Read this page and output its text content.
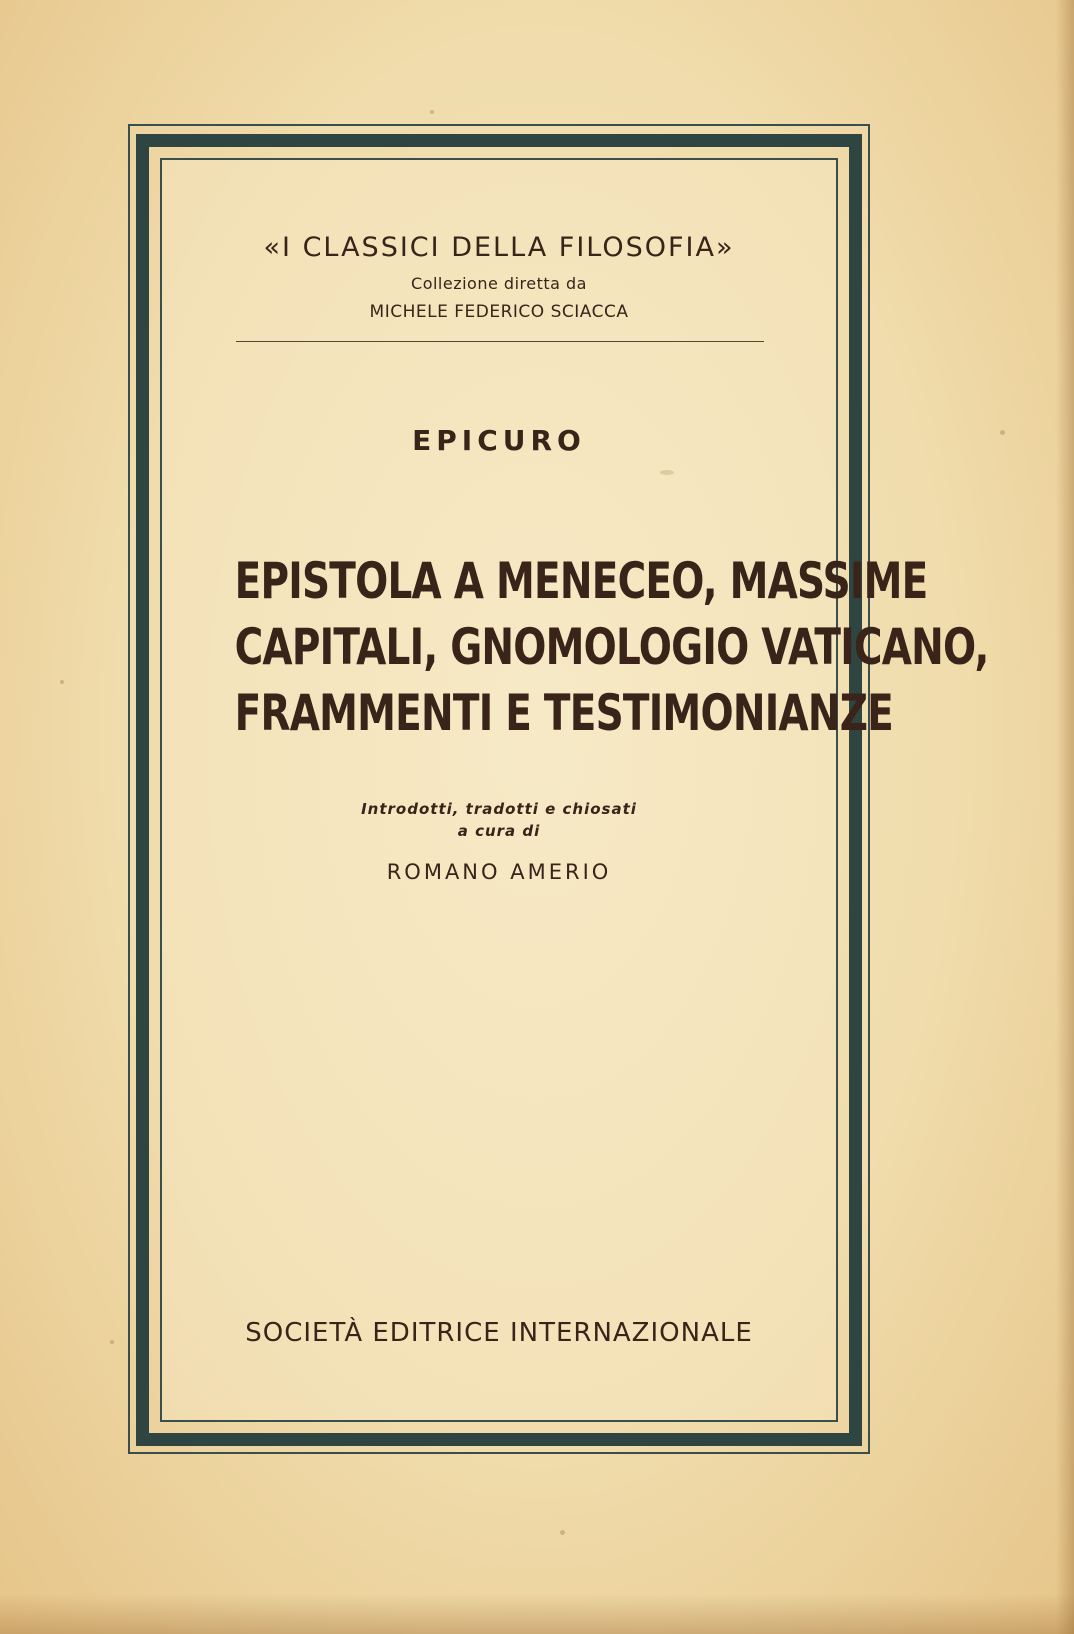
«I CLASSICI DELLA FILOSOFIA»
Collezione diretta da
MICHELE FEDERICO SCIACCA
EPICURO
EPISTOLA A MENECEO, MASSIME
CAPITALI, GNOMOLOGIO VATICANO,
FRAMMENTI E TESTIMONIANZE
Introdotti, tradotti e chiosati
a cura di
ROMANO AMERIO
SOCIETÀ EDITRICE INTERNAZIONALE
